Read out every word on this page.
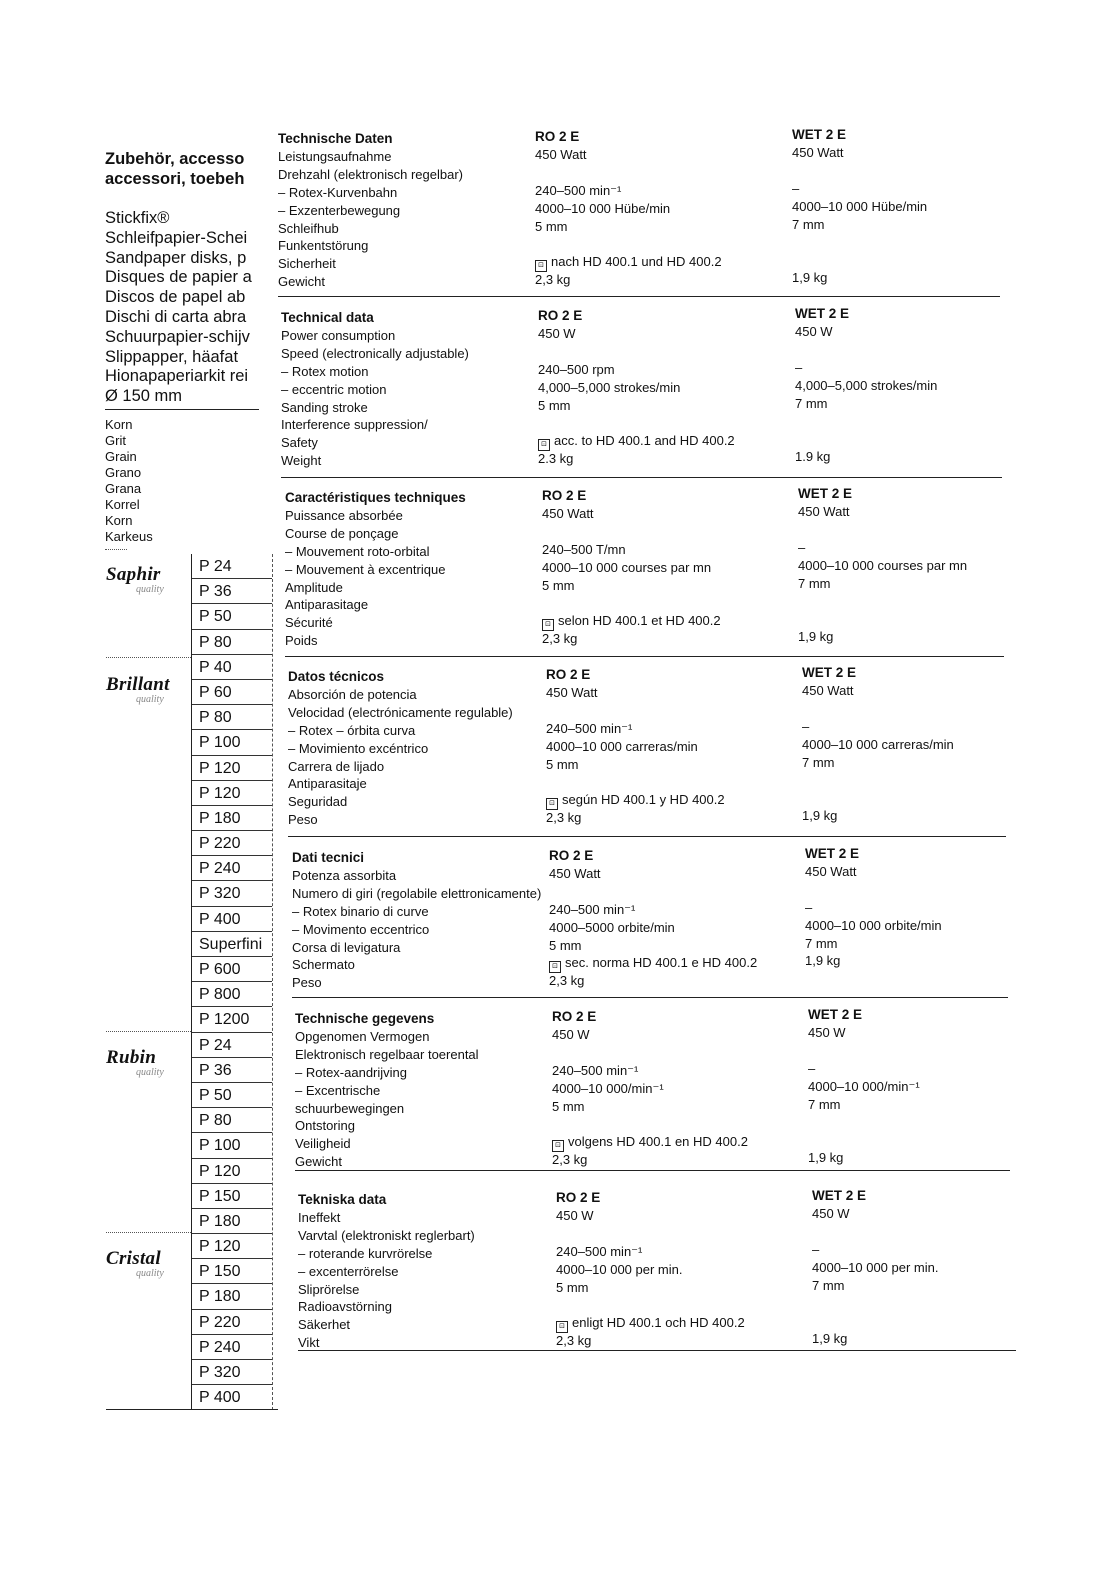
Zubehör, accesso
accessori, toebeh
Stickfix®
Schleifpapier-Schei
Sandpaper disks, p
Disques de papier a
Discos de papel ab
Dischi di carta abra
Schuurpapier-schijv
Slippapper, häafat
Hionapaperiarkit rei
Ø 150 mm
Korn
Grit
Grain
Grano
Grana
Korrel
Korn
Karkeus
Saphir
quality
Brillant
quality
Rubin
quality
Cristal
quality
P 24
P 36
P 50
P 80
P 40
P 60
P 80
P 100
P 120
P 120
P 180
P 220
P 240
P 320
P 400
Superfini
P 600
P 800
P 1200
P 24
P 36
P 50
P 80
P 100
P 120
P 150
P 180
P 120
P 150
P 180
P 220
P 240
P 320
P 400
Technische Daten
Leistungsaufnahme
Drehzahl (elektronisch regelbar)
– Rotex-Kurvenbahn
– Exzenterbewegung
Schleifhub
Funkentstörung
Sicherheit
Gewicht
RO 2 E
450 Watt
240–500 min⁻¹
4000–10 000 Hübe/min
5 mm
⊡ nach HD 400.1 und HD 400.2
2,3 kg
WET 2 E
450 Watt
–
4000–10 000 Hübe/min
7 mm
1,9 kg
Technical data
Power consumption
Speed (electronically adjustable)
– Rotex motion
– eccentric motion
Sanding stroke
Interference suppression/
Safety
Weight
RO 2 E
450 W
240–500 rpm
4,000–5,000 strokes/min
5 mm
⊡ acc. to HD 400.1 and HD 400.2
2.3 kg
WET 2 E
450 W
–
4,000–5,000 strokes/min
7 mm
1.9 kg
Caractéristiques techniques
Puissance absorbée
Course de ponçage
– Mouvement roto-orbital
– Mouvement à excentrique
Amplitude
Antiparasitage
Sécurité
Poids
RO 2 E
450 Watt
240–500 T/mn
4000–10 000 courses par mn
5 mm
⊡ selon HD 400.1 et HD 400.2
2,3 kg
WET 2 E
450 Watt
–
4000–10 000 courses par mn
7 mm
1,9 kg
Datos técnicos
Absorción de potencia
Velocidad (electrónicamente regulable)
– Rotex – órbita curva
– Movimiento excéntrico
Carrera de lijado
Antiparasitaje
Seguridad
Peso
RO 2 E
450 Watt
240–500 min⁻¹
4000–10 000 carreras/min
5 mm
⊡ según HD 400.1 y HD 400.2
2,3 kg
WET 2 E
450 Watt
–
4000–10 000 carreras/min
7 mm
1,9 kg
Dati tecnici
Potenza assorbita
Numero di giri (regolabile elettronicamente)
– Rotex binario di curve
– Movimento eccentrico
Corsa di levigatura
Schermato
Peso
RO 2 E
450 Watt
240–500 min⁻¹
4000–5000 orbite/min
5 mm
⊡ sec. norma HD 400.1 e HD 400.2
2,3 kg
WET 2 E
450 Watt
–
4000–10 000 orbite/min
7 mm
1,9 kg
Technische gegevens
Opgenomen Vermogen
Elektronisch regelbaar toerental
– Rotex-aandrijving
– Excentrische
schuurbewegingen
Ontstoring
Veiligheid
Gewicht
RO 2 E
450 W
240–500 min⁻¹
4000–10 000/min⁻¹
5 mm
⊡ volgens HD 400.1 en HD 400.2
2,3 kg
WET 2 E
450 W
–
4000–10 000/min⁻¹
7 mm
1,9 kg
Tekniska data
Ineffekt
Varvtal (elektroniskt reglerbart)
– roterande kurvrörelse
– excenterrörelse
Sliprörelse
Radioavstörning
Säkerhet
Vikt
RO 2 E
450 W
240–500 min⁻¹
4000–10 000 per min.
5 mm
⊡ enligt HD 400.1 och HD 400.2
2,3 kg
WET 2 E
450 W
–
4000–10 000 per min.
7 mm
1,9 kg
